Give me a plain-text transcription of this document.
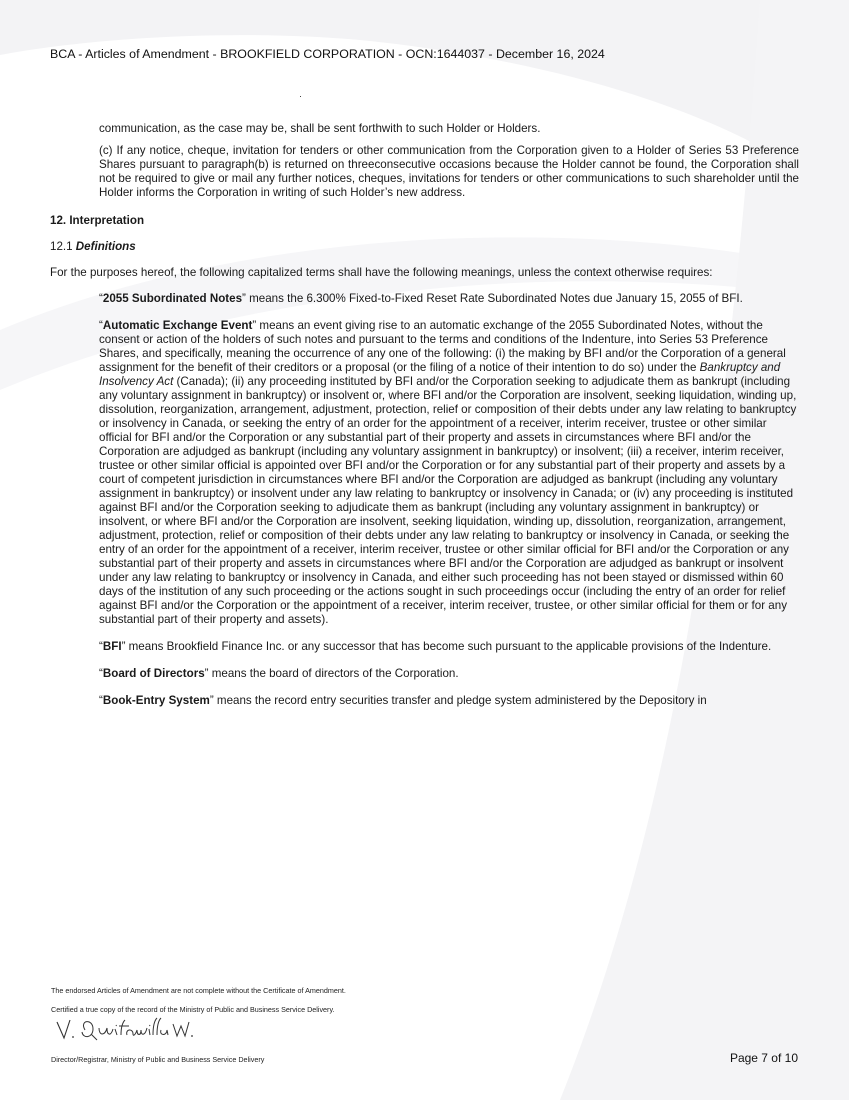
BCA - Articles of Amendment - BROOKFIELD CORPORATION - OCN:1644037 - December 16, 2024

communication, as the case may be, shall be sent forthwith to such Holder or Holders.

(c) If any notice, cheque, invitation for tenders or other communication from the Corporation given to a Holder of Series 53 Preference Shares pursuant to paragraph(b) is returned on threeconsecutive occasions because the Holder cannot be found, the Corporation shall not be required to give or mail any further notices, cheques, invitations for tenders or other communications to such shareholder until the Holder informs the Corporation in writing of such Holder’s new address.

12. Interpretation

12.1 Definitions

For the purposes hereof, the following capitalized terms shall have the following meanings, unless the context otherwise requires:

“2055 Subordinated Notes” means the 6.300% Fixed-to-Fixed Reset Rate Subordinated Notes due January 15, 2055 of BFI.

“Automatic Exchange Event” means an event giving rise to an automatic exchange of the 2055 Subordinated Notes, without the consent or action of the holders of such notes and pursuant to the terms and conditions of the Indenture, into Series 53 Preference Shares, and specifically, meaning the occurrence of any one of the following: (i) the making by BFI and/or the Corporation of a general assignment for the benefit of their creditors or a proposal (or the filing of a notice of their intention to do so) under the Bankruptcy and Insolvency Act (Canada); (ii) any proceeding instituted by BFI and/or the Corporation seeking to adjudicate them as bankrupt (including any voluntary assignment in bankruptcy) or insolvent or, where BFI and/or the Corporation are insolvent, seeking liquidation, winding up, dissolution, reorganization, arrangement, adjustment, protection, relief or composition of their debts under any law relating to bankruptcy or insolvency in Canada, or seeking the entry of an order for the appointment of a receiver, interim receiver, trustee or other similar official for BFI and/or the Corporation or any substantial part of their property and assets in circumstances where BFI and/or the Corporation are adjudged as bankrupt (including any voluntary assignment in bankruptcy) or insolvent; (iii) a receiver, interim receiver, trustee or other similar official is appointed over BFI and/or the Corporation or for any substantial part of their property and assets by a court of competent jurisdiction in circumstances where BFI and/or the Corporation are adjudged as bankrupt (including any voluntary assignment in bankruptcy) or insolvent under any law relating to bankruptcy or insolvency in Canada; or (iv) any proceeding is instituted against BFI and/or the Corporation seeking to adjudicate them as bankrupt (including any voluntary assignment in bankruptcy) or insolvent, or where BFI and/or the Corporation are insolvent, seeking liquidation, winding up, dissolution, reorganization, arrangement, adjustment, protection, relief or composition of their debts under any law relating to bankruptcy or insolvency in Canada, or seeking the entry of an order for the appointment of a receiver, interim receiver, trustee or other similar official for BFI and/or the Corporation or any substantial part of their property and assets in circumstances where BFI and/or the Corporation are adjudged as bankrupt or insolvent under any law relating to bankruptcy or insolvency in Canada, and either such proceeding has not been stayed or dismissed within 60 days of the institution of any such proceeding or the actions sought in such proceedings occur (including the entry of an order for relief against BFI and/or the Corporation or the appointment of a receiver, interim receiver, trustee, or other similar official for them or for any substantial part of their property and assets).

“BFI” means Brookfield Finance Inc. or any successor that has become such pursuant to the applicable provisions of the Indenture.

“Board of Directors” means the board of directors of the Corporation.

“Book-Entry System” means the record entry securities transfer and pledge system administered by the Depository in

The endorsed Articles of Amendment are not complete without the Certificate of Amendment.
Certified a true copy of the record of the Ministry of Public and Business Service Delivery.
Director/Registrar, Ministry of Public and Business Service Delivery	Page 7 of 10
